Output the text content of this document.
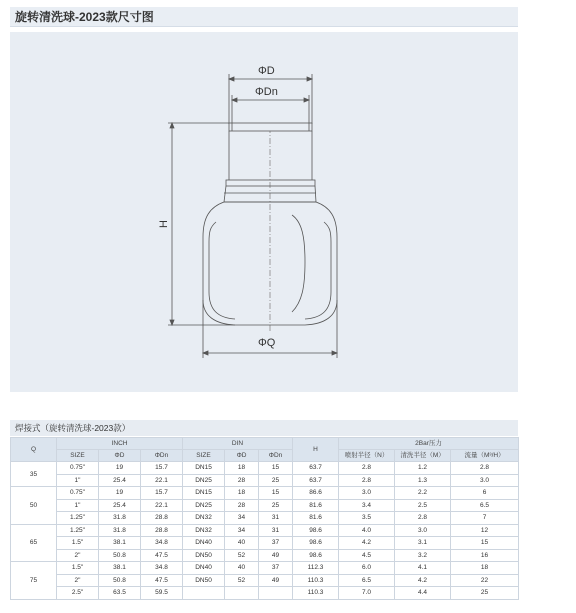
旋转清洗球-2023款尺寸图
ΦD
ΦDn
H
ΦQ
焊接式（旋转清洗球-2023款）
Q	INCH			DIN			H	2Bar压力		
	SIZE	ΦD	ΦDn	SIZE	ΦD	ΦDn		喷射半径（N）	清洗半径（M）	流量（M³/H）
35	0.75"	19	15.7	DN15	18	15	63.7	2.8	1.2	2.8
	1"	25.4	22.1	DN25	28	25	63.7	2.8	1.3	3.0
50	0.75"	19	15.7	DN15	18	15	86.6	3.0	2.2	6
	1"	25.4	22.1	DN25	28	25	81.6	3.4	2.5	6.5
	1.25"	31.8	28.8	DN32	34	31	81.6	3.5	2.8	7
65	1.25"	31.8	28.8	DN32	34	31	98.6	4.0	3.0	12
	1.5"	38.1	34.8	DN40	40	37	98.6	4.2	3.1	15
	2"	50.8	47.5	DN50	52	49	98.6	4.5	3.2	16
75	1.5"	38.1	34.8	DN40	40	37	112.3	6.0	4.1	18
	2"	50.8	47.5	DN50	52	49	110.3	6.5	4.2	22
	2.5"	63.5	59.5				110.3	7.0	4.4	25
